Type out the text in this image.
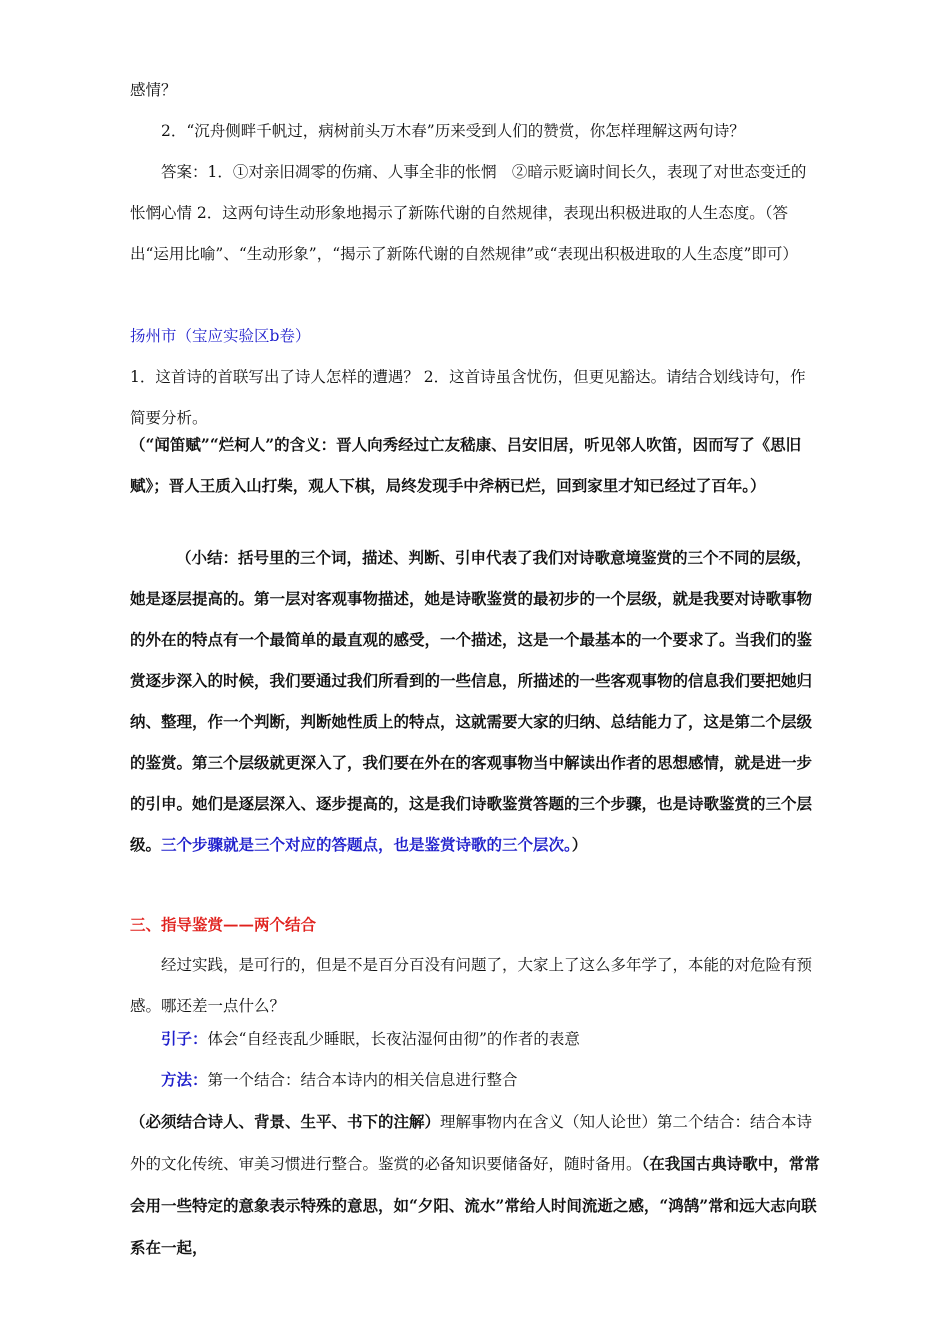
感情？

2．“沉舟侧畔千帆过，病树前头万木春”历来受到人们的赞赏，你怎样理解这两句诗？

答案：1．①对亲旧凋零的伤痛、人事全非的怅惘　②暗示贬谪时间长久，表现了对世态变迁的怅惘心情 2．这两句诗生动形象地揭示了新陈代谢的自然规律，表现出积极进取的人生态度。（答出“运用比喻”、“生动形象”，“揭示了新陈代谢的自然规律”或“表现出积极进取的人生态度”即可）

扬州市（宝应实验区b卷）

1．这首诗的首联写出了诗人怎样的遭遇？ 2．这首诗虽含忧伤，但更见豁达。请结合划线诗句，作简要分析。

（“闻笛赋”“烂柯人”的含义：晋人向秀经过亡友嵇康、吕安旧居，听见邻人吹笛，因而写了《思旧赋》；晋人王质入山打柴，观人下棋，局终发现手中斧柄已烂，回到家里才知已经过了百年。）

（小结：括号里的三个词，描述、判断、引申代表了我们对诗歌意境鉴赏的三个不同的层级，她是逐层提高的。第一层对客观事物描述，她是诗歌鉴赏的最初步的一个层级，就是我要对诗歌事物的外在的特点有一个最简单的最直观的感受，一个描述，这是一个最基本的一个要求了。当我们的鉴赏逐步深入的时候，我们要通过我们所看到的一些信息，所描述的一些客观事物的信息我们要把她归纳、整理，作一个判断，判断她性质上的特点，这就需要大家的归纳、总结能力了，这是第二个层级的鉴赏。第三个层级就更深入了，我们要在外在的客观事物当中解读出作者的思想感情，就是进一步的引申。她们是逐层深入、逐步提高的，这是我们诗歌鉴赏答题的三个步骤，也是诗歌鉴赏的三个层级。三个步骤就是三个对应的答题点，也是鉴赏诗歌的三个层次。）

三、指导鉴赏——两个结合

经过实践，是可行的，但是不是百分百没有问题了，大家上了这么多年学了，本能的对危险有预感。哪还差一点什么？

引子：体会“自经丧乱少睡眠，长夜沾湿何由彻”的作者的表意

方法：第一个结合：结合本诗内的相关信息进行整合（必须结合诗人、背景、生平、书下的注解）理解事物内在含义（知人论世）第二个结合：结合本诗外的文化传统、审美习惯进行整合。鉴赏的必备知识要储备好，随时备用。（在我国古典诗歌中，常常会用一些特定的意象表示特殊的意思，如“夕阳、流水”常给人时间流逝之感，“鸿鹄”常和远大志向联系在一起，
